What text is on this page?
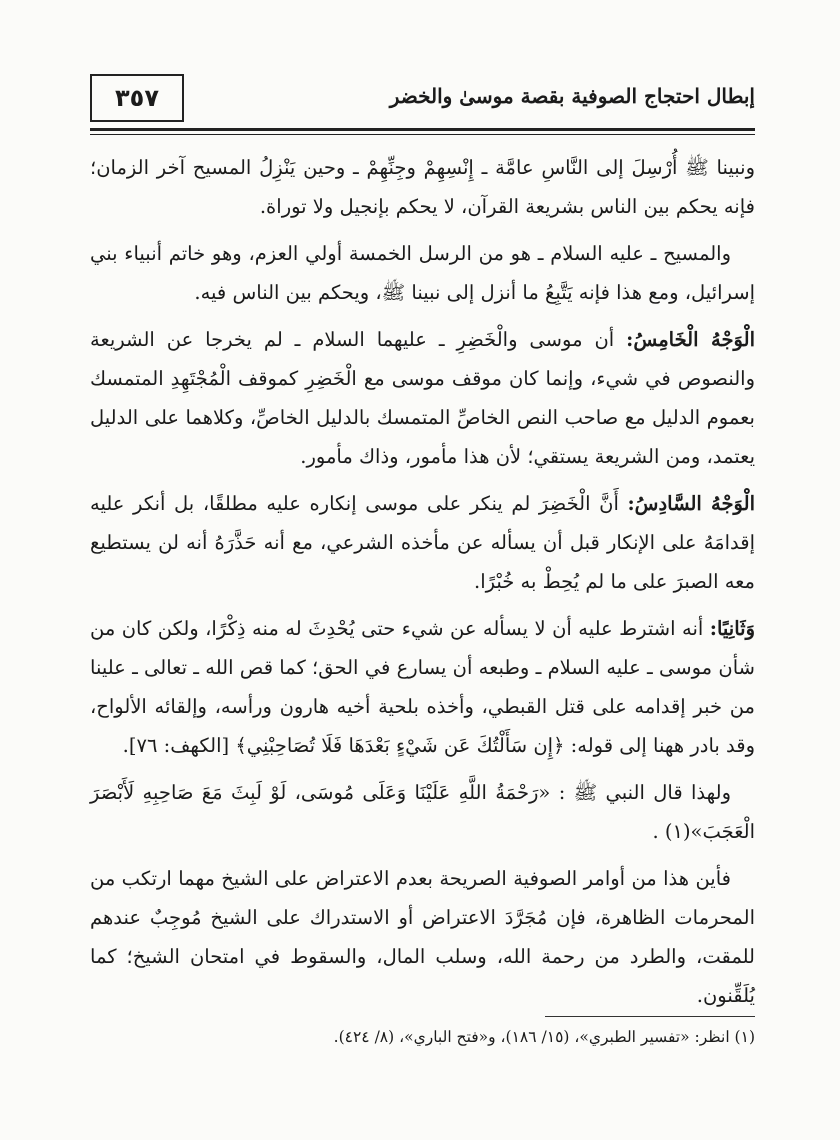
٣٥٧	إبطال احتجاج الصوفية بقصة موسىٰ والخضر

ونبينا ﷺ أُرْسِلَ إلى النَّاسِ عامَّة ـ إِنْسِهِمْ وجِنِّهِمْ ـ وحين يَنْزِلُ المسيح آخر الزمان؛ فإنه يحكم بين الناس بشريعة القرآن، لا يحكم بإنجيل ولا توراة.

والمسيح ـ عليه السلام ـ هو من الرسل الخمسة أولي العزم، وهو خاتم أنبياء بني إسرائيل، ومع هذا فإنه يَتَّبِعُ ما أنزل إلى نبينا ﷺ، ويحكم بين الناس فيه.

الْوَجْهُ الْخَامِسُ: أن موسى والْخَضِرِ ـ عليهما السلام ـ لم يخرجا عن الشريعة والنصوص في شيء، وإنما كان موقف موسى مع الْخَضِرِ كموقف الْمُجْتَهِدِ المتمسك بعموم الدليل مع صاحب النص الخاصِّ المتمسك بالدليل الخاصِّ، وكلاهما على الدليل يعتمد، ومن الشريعة يستقي؛ لأن هذا مأمور، وذاك مأمور.

الْوَجْهُ السَّادِسُ: أَنَّ الْخَضِرَ لم ينكر على موسى إنكاره عليه مطلقًا، بل أنكر عليه إقدامَهُ على الإنكار قبل أن يسأله عن مأخذه الشرعي، مع أنه حَذَّرَهُ أنه لن يستطيع معه الصبرَ على ما لم يُحِطْ به خُبْرًا.

وَثَانِيًا: أنه اشترط عليه أن لا يسأله عن شيء حتى يُحْدِثَ له منه ذِكْرًا، ولكن كان من شأن موسى ـ عليه السلام ـ وطبعه أن يسارع في الحق؛ كما قص الله ـ تعالى ـ علينا من خبر إقدامه على قتل القبطي، وأخذه بلحية أخيه هارون ورأسه، وإلقائه الألواح، وقد بادر ههنا إلى قوله: ﴿إِن سَأَلْتُكَ عَن شَيْءٍ بَعْدَهَا فَلَا تُصَاحِبْنِي﴾ [الكهف: ٧٦].

ولهذا قال النبي ﷺ : «رَحْمَةُ اللَّهِ عَلَيْنَا وَعَلَى مُوسَى، لَوْ لَبِثَ مَعَ صَاحِبِهِ لَأَبْصَرَ الْعَجَبَ»(١) .

فأين هذا من أوامر الصوفية الصريحة بعدم الاعتراض على الشيخ مهما ارتكب من المحرمات الظاهرة، فإن مُجَرَّدَ الاعتراض أو الاستدراك على الشيخ مُوجِبٌ عندهم للمقت، والطرد من رحمة الله، وسلب المال، والسقوط في امتحان الشيخ؛ كما يُلَقِّنون.

(١) انظر: «تفسير الطبري»، (١٥/ ١٨٦)، و«فتح الباري»، (٨/ ٤٢٤).
